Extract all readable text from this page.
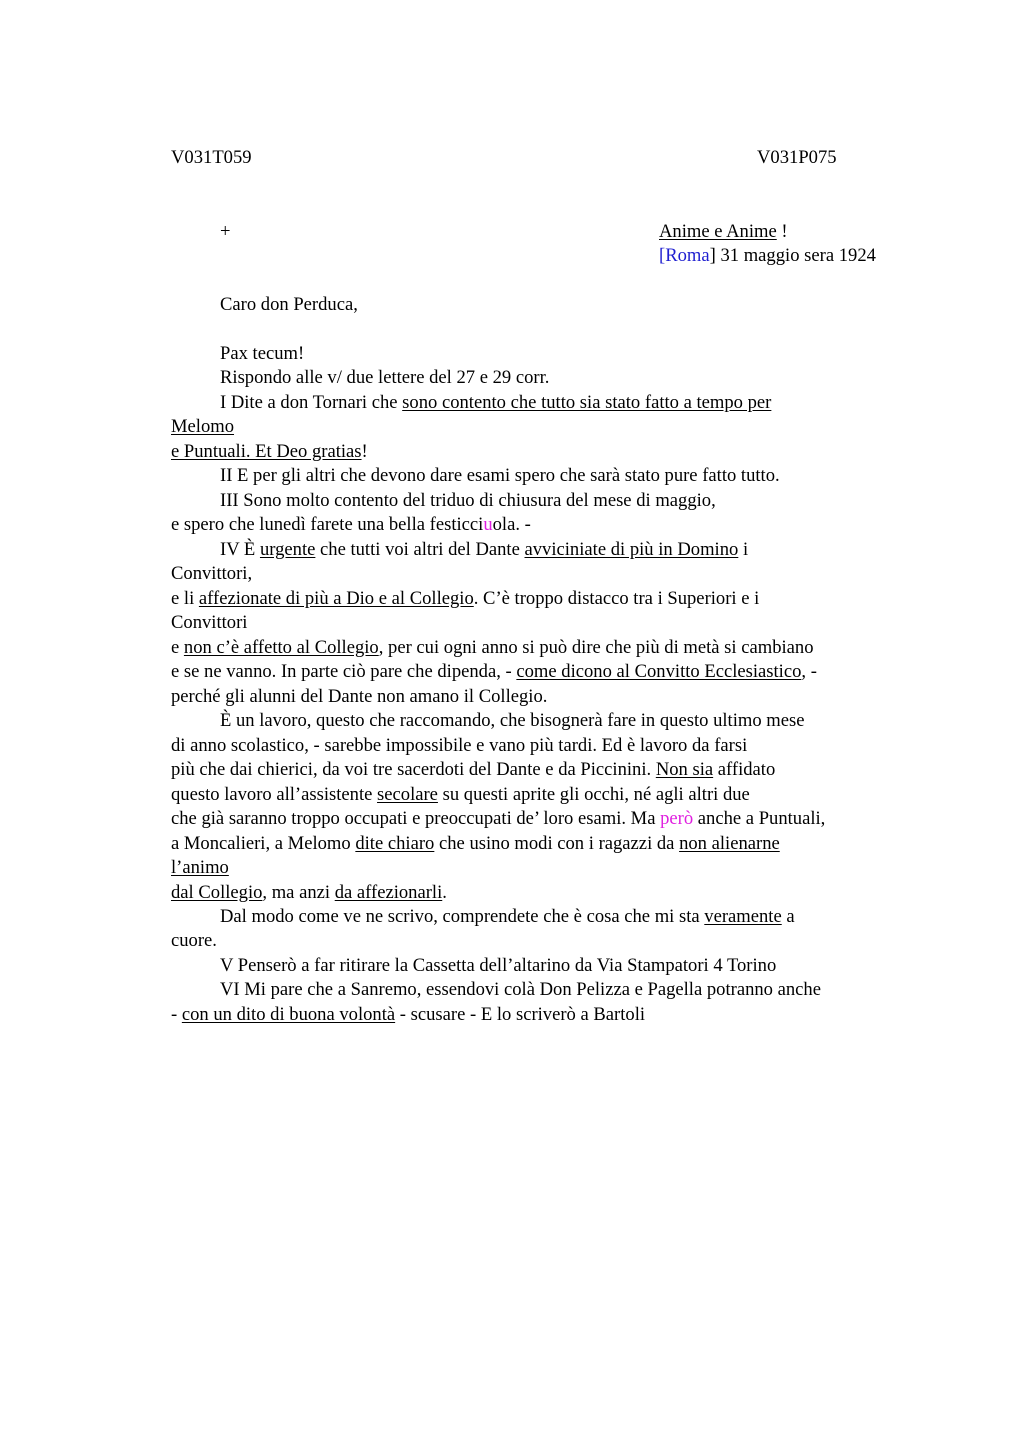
V031T059	V031P075
+	Anime e Anime !
[Roma] 31 maggio sera 1924
Caro don Perduca,
Pax tecum!
Rispondo alle v/ due lettere del 27 e 29 corr.
I Dite a don Tornari che sono contento che tutto sia stato fatto a tempo per
Melomo
e Puntuali. Et Deo gratias!
II E per gli altri che devono dare esami spero che sarà stato pure fatto tutto.
III Sono molto contento del triduo di chiusura del mese di maggio,
e spero che lunedì farete una bella festicciuola. -
IV È urgente che tutti voi altri del Dante avviciniate di più in Domino i
Convittori,
e li affezionate di più a Dio e al Collegio. C’è troppo distacco tra i Superiori e i
Convittori
e non c’è affetto al Collegio, per cui ogni anno si può dire che più di metà si cambiano
e se ne vanno. In parte ciò pare che dipenda, - come dicono al Convitto Ecclesiastico, -
perché gli alunni del Dante non amano il Collegio.
È un lavoro, questo che raccomando, che bisognerà fare in questo ultimo mese
di anno scolastico, - sarebbe impossibile e vano più tardi. Ed è lavoro da farsi
più che dai chierici, da voi tre sacerdoti del Dante e da Piccinini. Non sia affidato
questo lavoro all’assistente secolare su questi aprite gli occhi, né agli altri due
che già saranno troppo occupati e preoccupati de’ loro esami. Ma però anche a Puntuali,
a Moncalieri, a Melomo dite chiaro che usino modi con i ragazzi da non alienarne
l’animo
dal Collegio, ma anzi da affezionarli.
Dal modo come ve ne scrivo, comprendete che è cosa che mi sta veramente a
cuore.
V Penserò a far ritirare la Cassetta dell’altarino da Via Stampatori 4 Torino
VI Mi pare che a Sanremo, essendovi colà Don Pelizza e Pagella potranno anche
- con un dito di buona volontà - scusare - E lo scriverò a Bartoli
